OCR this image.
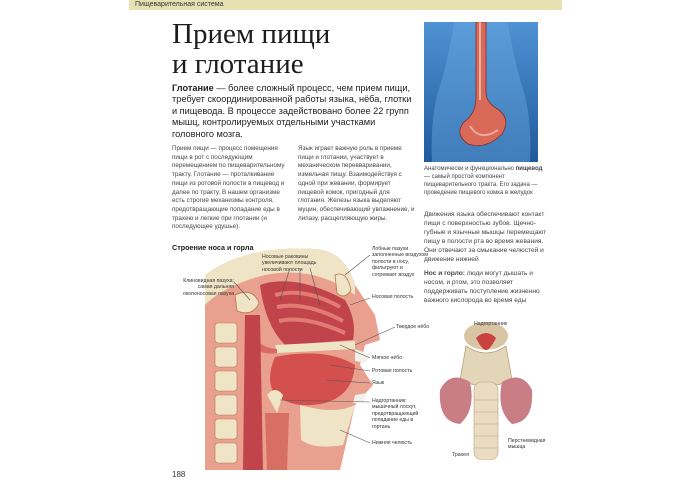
Пищеварительная система
Прием пищи
и глотание
Глотание — более сложный процесс, чем прием пищи, требует скоординированной работы языка, нёба, глотки и пищевода. В процессе задействовано более 22 групп мышц, контролируемых отдельными участками головного мозга.
Прием пищи — процесс помещения пищи в рот с последующим перемещением по пищеварительному тракту. Глотание — проталкивание пищи из ротовой полости в пищевод и далее по тракту. В нашем организме есть строгие механизмы контроля, предотвращающие попадание еды в трахею и легкие при глотании (и последующее удушье).
Язык играет важную роль в приеме пищи и глотании, участвует в механическом перевваривании, измельчая пищу. Взаимодействуя с одной при жевании, формирует пищевой комок, пригодный для глотания. Железы языка выделяют муцин, обеспечивающий увлажнение, и липазу, расщепляющую жиры.
Анатомически и функционально пищевод — самый простой компонент пищеварительного тракта. Его задача — проведение пищевого комка в желудок
Движения языка обеспечивают контакт пищи с поверхностью зубов. Щечно-губные и язычные мышцы перемещают пищу в полости рта во время жевания. Они отвечают за смыкание челюстей и движение нижней
Нос и горло: люди могут дышать и носом, и ртом, это позволяет поддерживать поступление жизненно важного кислорода во время еды
Строение носа и горла
Носовые раковины увеличивают площадь носовой полости
Клиновидная пазуха: самая дальняя околоносовая пазуха
Лобные пазухи заполненные воздухом полости в носу, фильтруют и согревают воздух
Носовая полость
Твердое нёбо
Мягкое нёбо
Ротовая полость
Язык
Надгортанник: мышечный лоскут, предотвращающий попадание еды в гортань
Нижняя челюсть
Надгортанник
Перстневидная мышца
Трахея
188
